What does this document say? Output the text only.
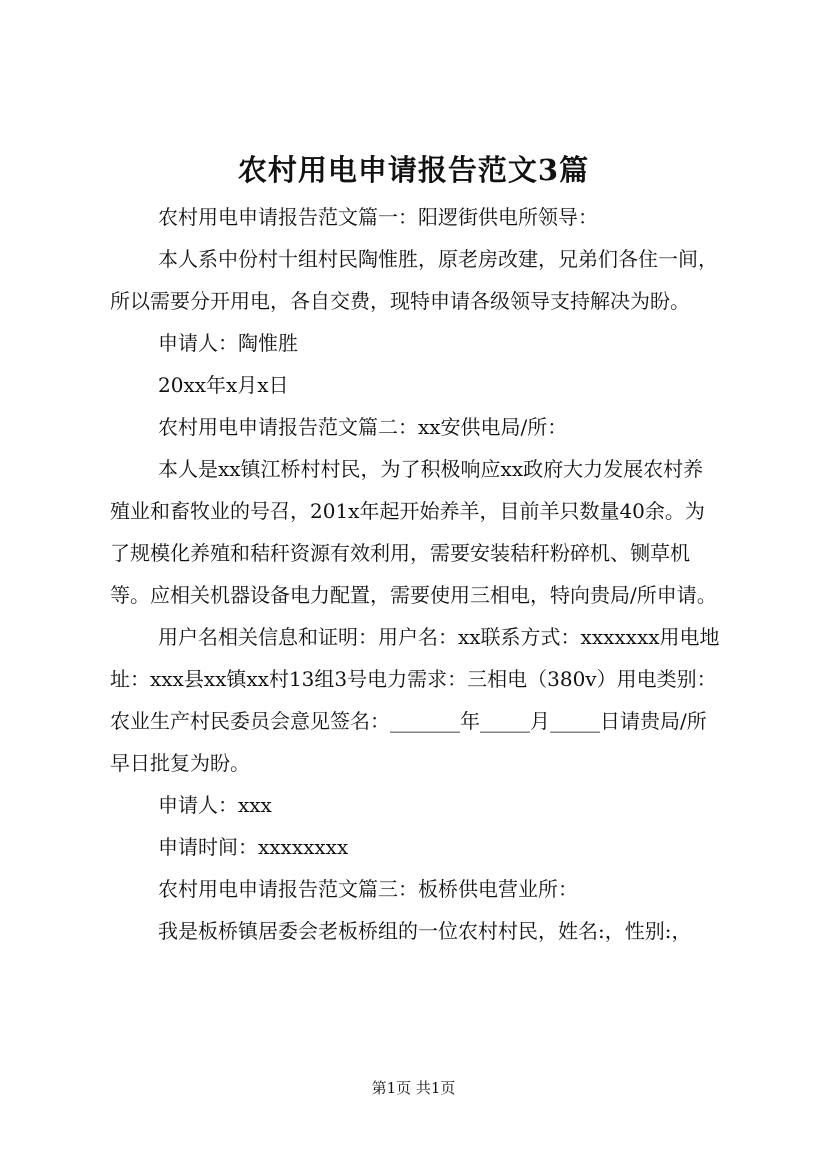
农村用电申请报告范文3篇

农村用电申请报告范文篇一：阳逻街供电所领导：

本人系中份村十组村民陶惟胜，原老房改建，兄弟们各住一间，所以需要分开用电，各自交费，现特申请各级领导支持解决为盼。

申请人：陶惟胜

20xx年x月x日

农村用电申请报告范文篇二：xx安供电局/所：

本人是xx镇江桥村村民，为了积极响应xx政府大力发展农村养殖业和畜牧业的号召，201x年起开始养羊，目前羊只数量40余。为了规模化养殖和秸秆资源有效利用，需要安装秸秆粉碎机、铡草机等。应相关机器设备电力配置，需要使用三相电，特向贵局/所申请。

用户名相关信息和证明：用户名：xx联系方式：xxxxxxx用电地址：xxx县xx镇xx村13组3号电力需求：三相电（380v）用电类别：农业生产村民委员会意见签名：_______年_____月_____日请贵局/所早日批复为盼。

申请人：xxx

申请时间：xxxxxxxx

农村用电申请报告范文篇三：板桥供电营业所：

我是板桥镇居委会老板桥组的一位农村村民，姓名:，性别:，

第1页 共1页
